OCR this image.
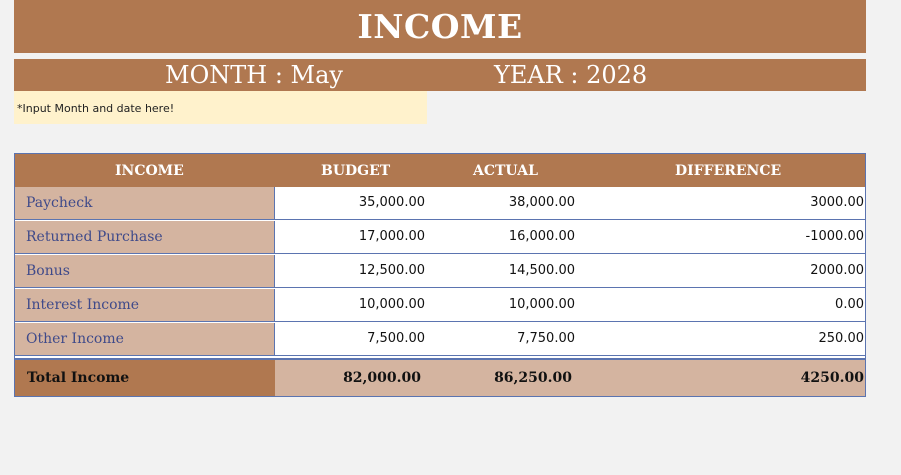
INCOME
MONTH : May	YEAR : 2028
*Input Month and date here!
INCOME	BUDGET	ACTUAL	DIFFERENCE
Paycheck	35,000.00	38,000.00	3000.00
Returned Purchase	17,000.00	16,000.00	-1000.00
Bonus	12,500.00	14,500.00	2000.00
Interest Income	10,000.00	10,000.00	0.00
Other Income	7,500.00	7,750.00	250.00
Total Income	82,000.00	86,250.00	4250.00
